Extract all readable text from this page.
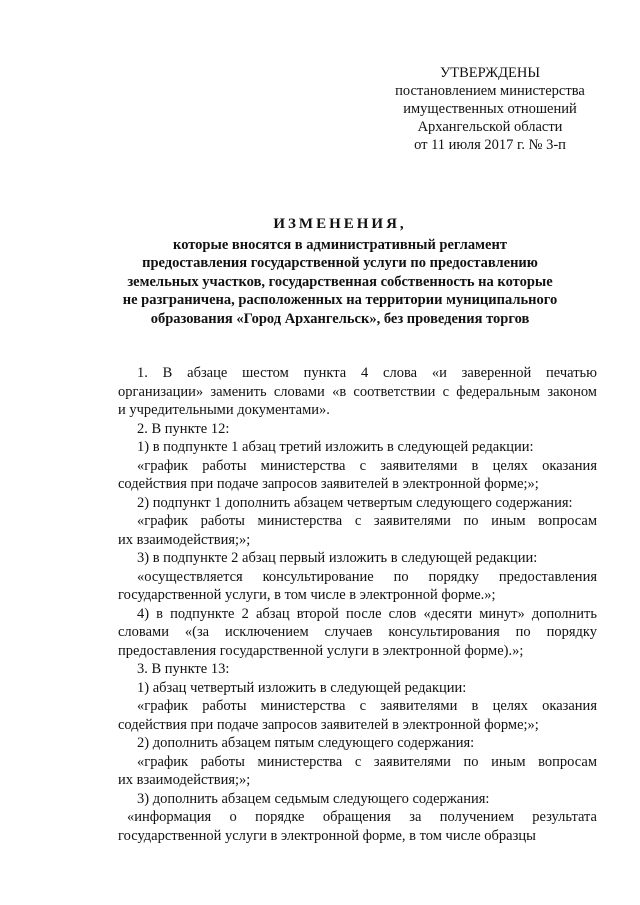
УТВЕРЖДЕНЫ
постановлением министерства
имущественных отношений
Архангельской области
от 11 июля 2017 г. № 3-п
ИЗМЕНЕНИЯ,
которые вносятся в административный регламент
предоставления государственной услуги по предоставлению
земельных участков, государственная собственность на которые
не разграничена, расположенных на территории муниципального
образования «Город Архангельск», без проведения торгов
1. В абзаце шестом пункта 4 слова «и заверенной печатью
организации» заменить словами «в соответствии с федеральным законом
и учредительными документами».
2. В пункте 12:
1) в подпункте 1 абзац третий изложить в следующей редакции:
«график работы министерства с заявителями в целях оказания
содействия при подаче запросов заявителей в электронной форме;»;
2) подпункт 1 дополнить абзацем четвертым следующего содержания:
«график работы министерства с заявителями по иным вопросам
их взаимодействия;»;
3) в подпункте 2 абзац первый изложить в следующей редакции:
«осуществляется консультирование по порядку предоставления
государственной услуги, в том числе в электронной форме.»;
4) в подпункте 2 абзац второй после слов «десяти минут» дополнить
словами «(за исключением случаев консультирования по порядку
предоставления государственной услуги в электронной форме).»;
3. В пункте 13:
1) абзац четвертый изложить в следующей редакции:
«график работы министерства с заявителями в целях оказания
содействия при подаче запросов заявителей в электронной форме;»;
2) дополнить абзацем пятым следующего содержания:
«график работы министерства с заявителями по иным вопросам
их взаимодействия;»;
3) дополнить абзацем седьмым следующего содержания:
«информация о порядке обращения за получением результата
государственной услуги в электронной форме, в том числе образцы
